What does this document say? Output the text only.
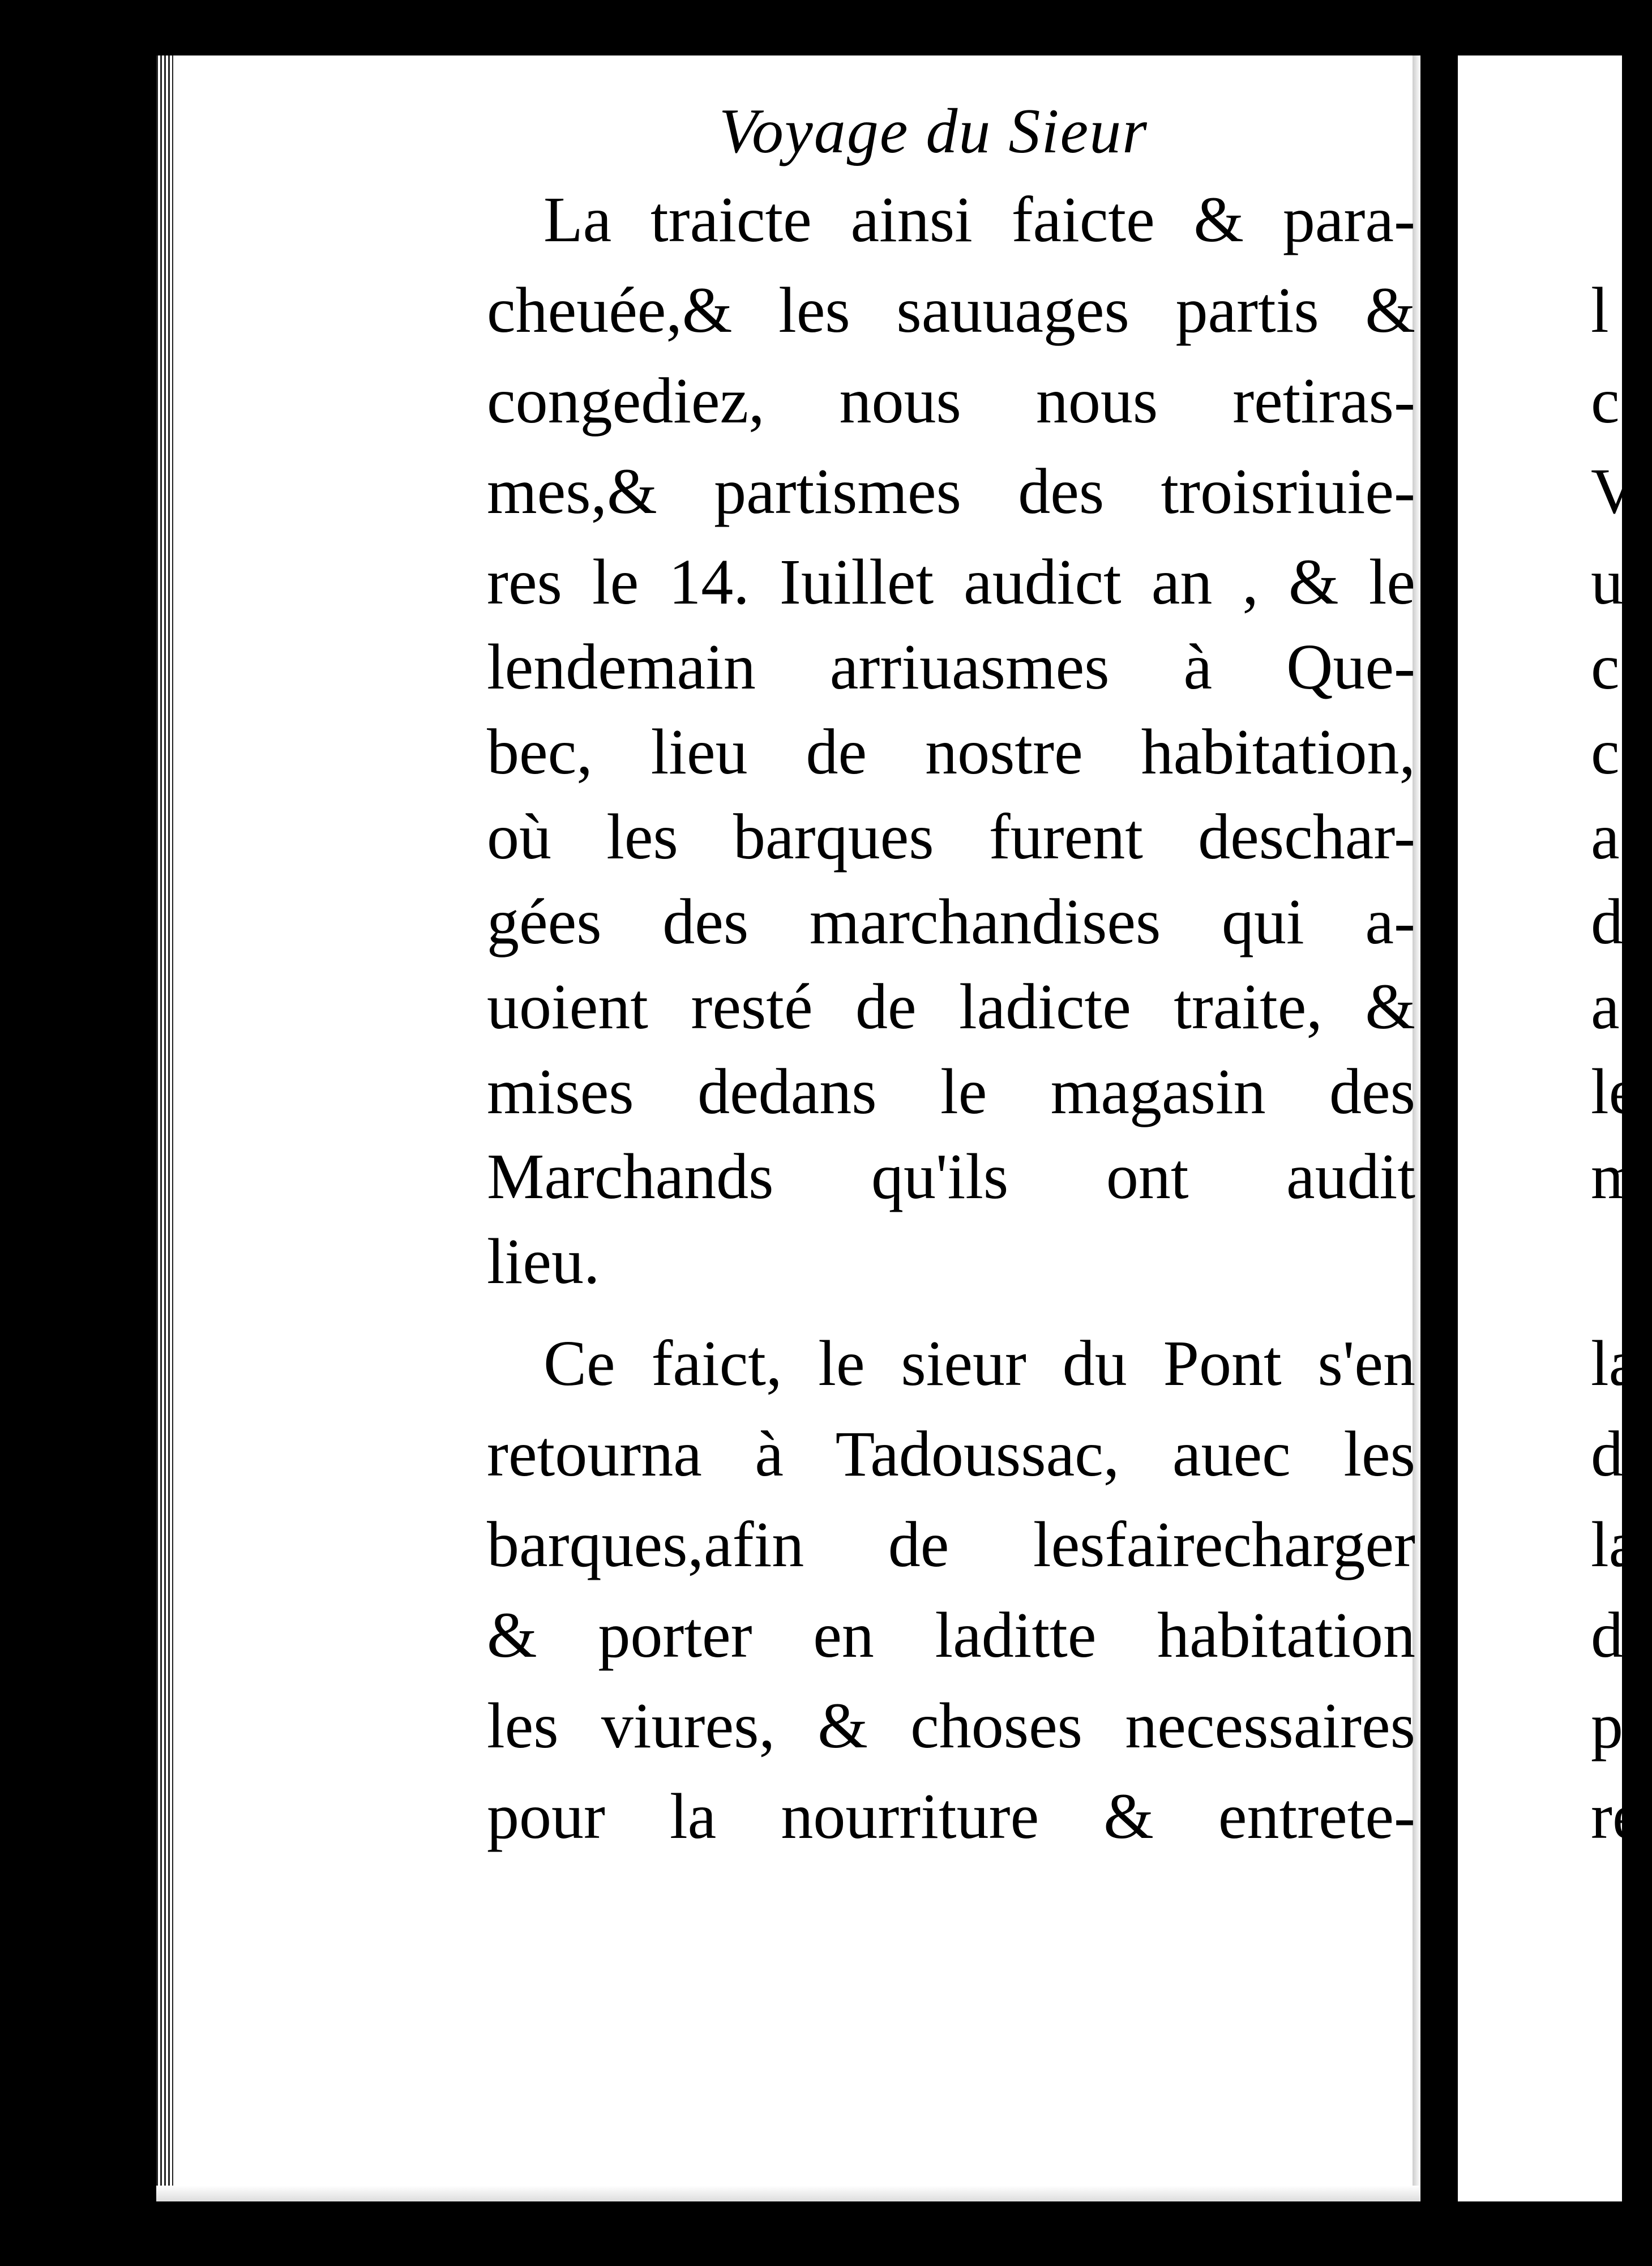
Voyage du Sieur

La traicte ainsi faicte & para-

cheuée,& les sauuages partis &

congediez, nous nous retiras-

mes,& partismes des troisriuie-

res le 14. Iuillet audict an , & le

lendemain arriuasmes à Que-

bec, lieu de nostre habitation,

où les barques furent deschar-

gées des marchandises qui a-

uoient resté de ladicte traite, &

mises dedans le magasin des

Marchands qu'ils ont audit

lieu.

Ce faict, le sieur du Pont s'en

retourna à Tadoussac, auec les

barques,afin de lesfairecharger

& porter en laditte habitation

les viures, & choses necessaires

pour la nourriture & entrete-

l

c

V

u

c

c

a

d

a

le

m

la

de

la

de

pe

re
